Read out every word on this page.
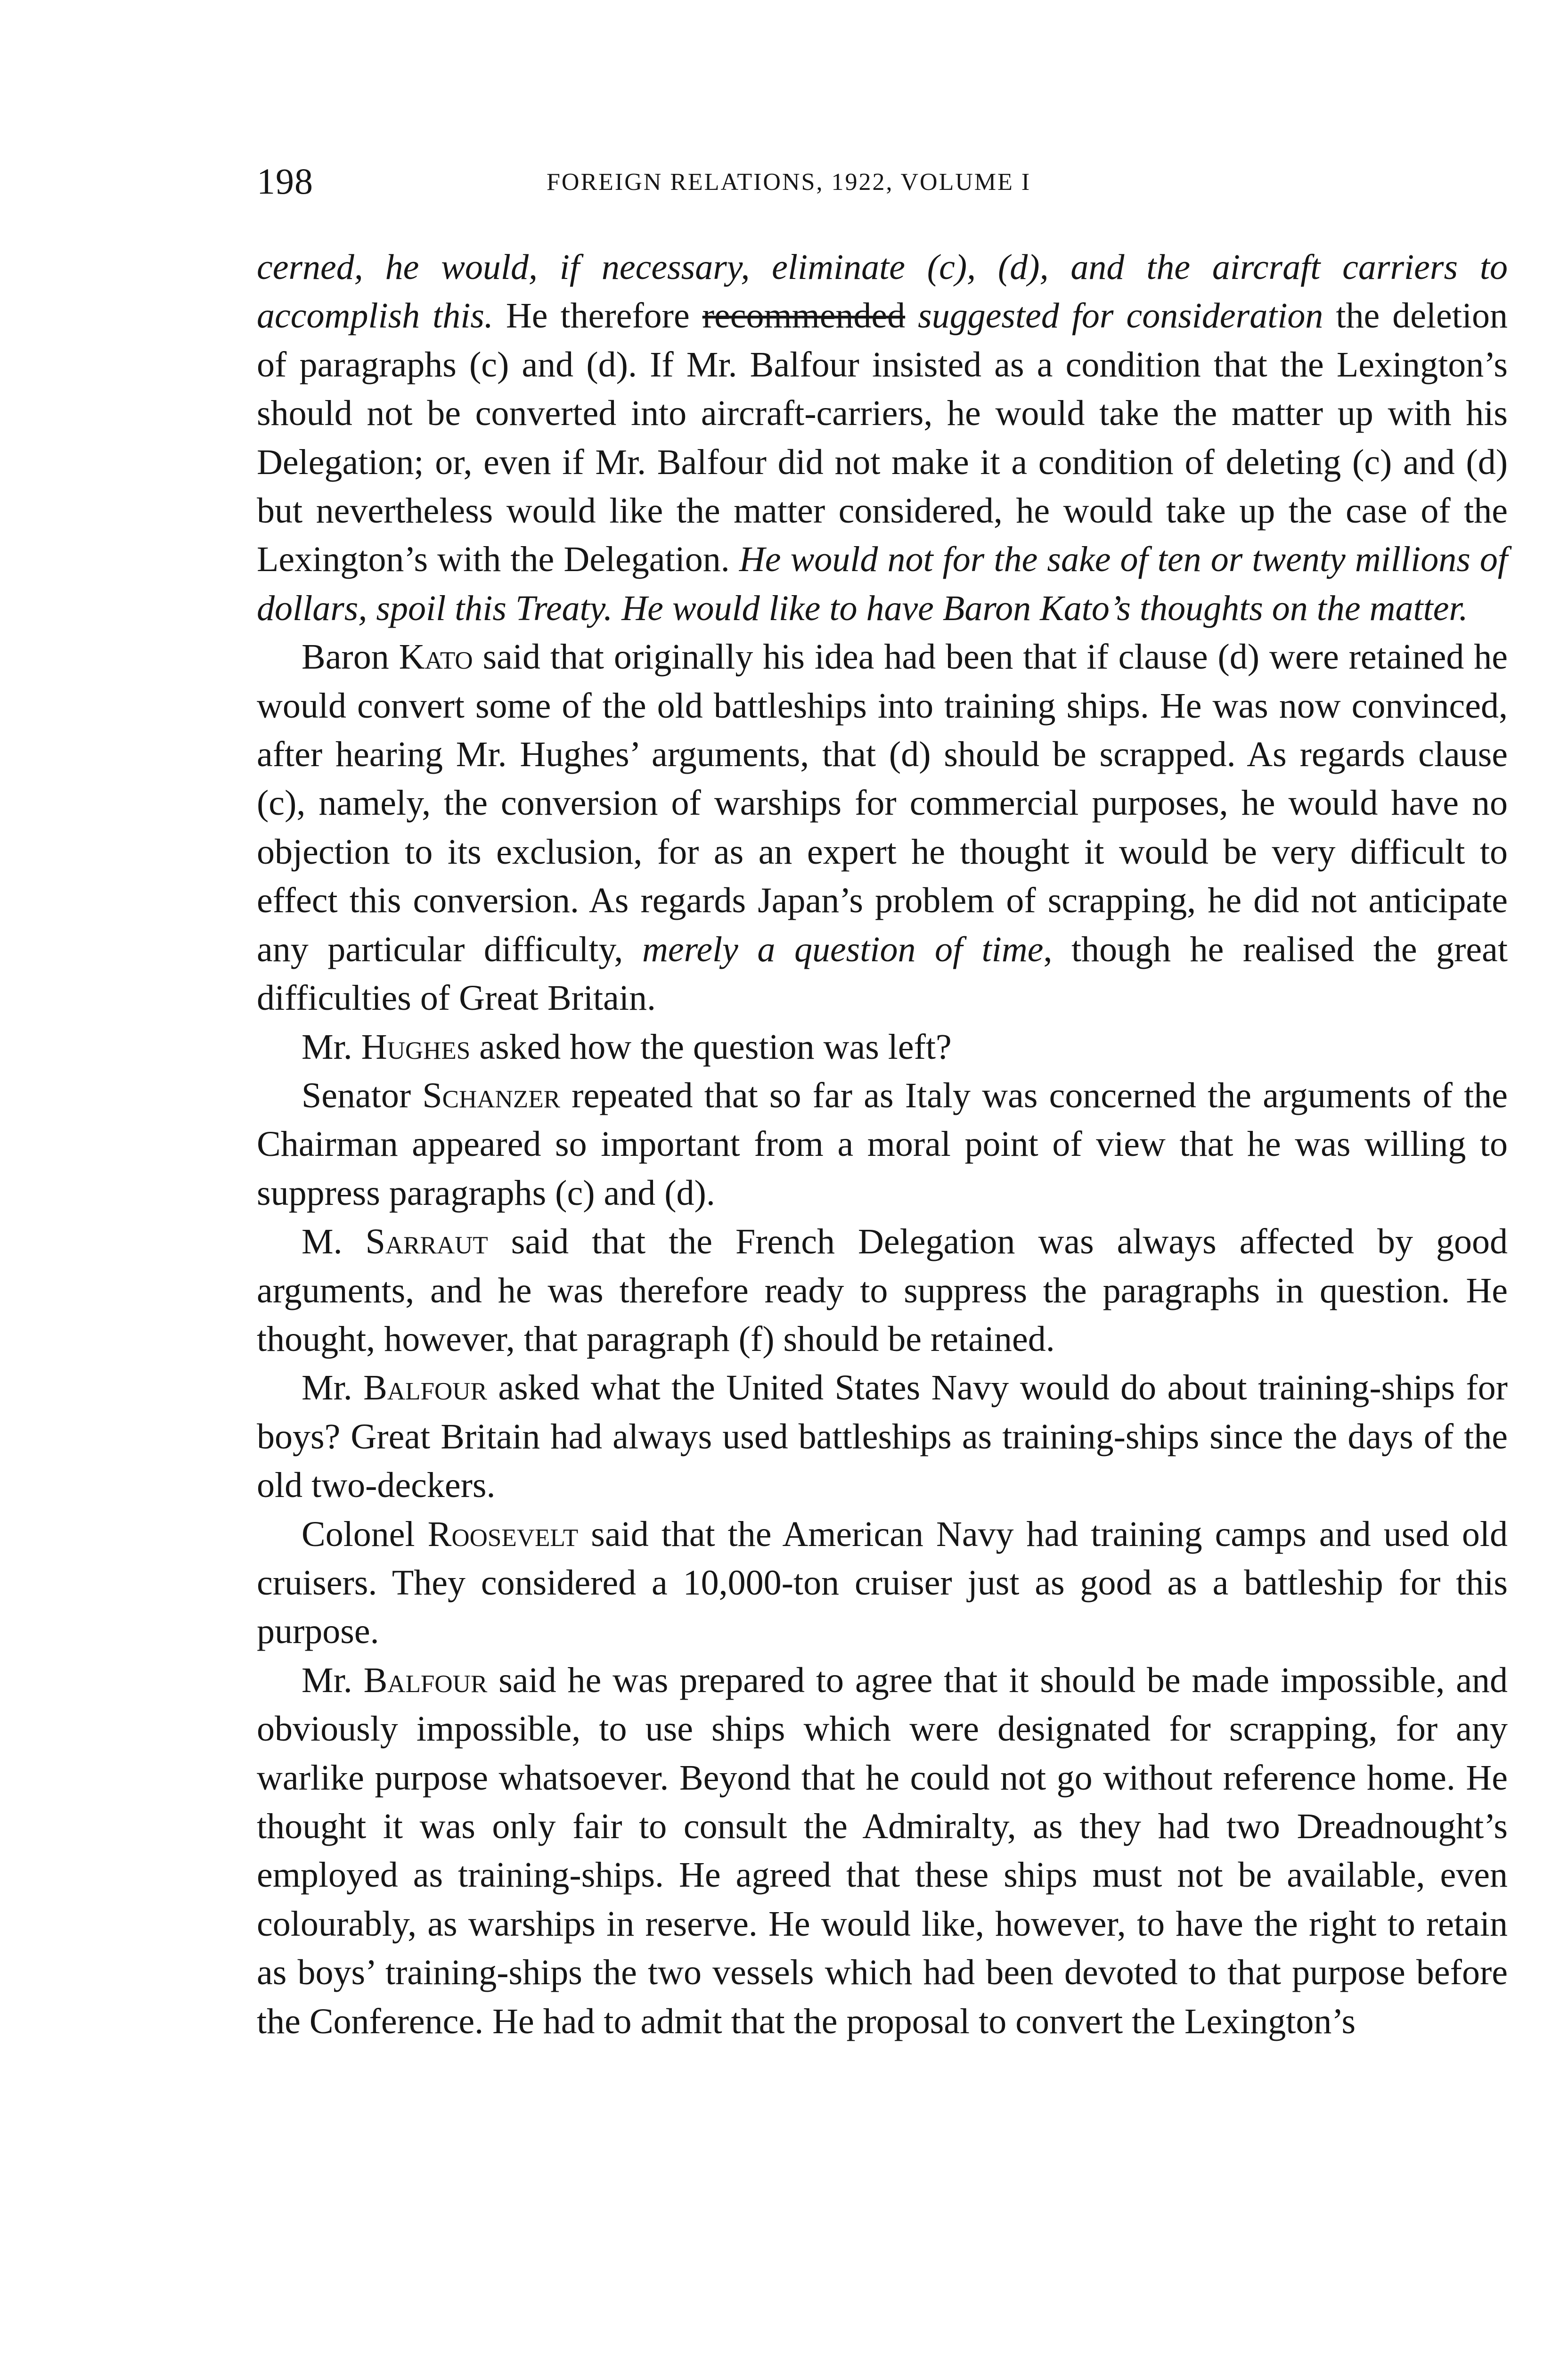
198	FOREIGN RELATIONS, 1922, VOLUME I

cerned, he would, if necessary, eliminate (c), (d), and the aircraft carriers to accomplish this. He therefore recommended suggested for consideration the deletion of paragraphs (c) and (d). If Mr. Balfour insisted as a condition that the Lexington’s should not be converted into aircraft-carriers, he would take the matter up with his Delegation; or, even if Mr. Balfour did not make it a condition of deleting (c) and (d) but nevertheless would like the matter considered, he would take up the case of the Lexington’s with the Delegation. He would not for the sake of ten or twenty millions of dollars, spoil this Treaty. He would like to have Baron Kato’s thoughts on the matter.

Baron Kato said that originally his idea had been that if clause (d) were retained he would convert some of the old battleships into training ships. He was now convinced, after hearing Mr. Hughes’ arguments, that (d) should be scrapped. As regards clause (c), namely, the conversion of warships for commercial purposes, he would have no objection to its exclusion, for as an expert he thought it would be very difficult to effect this conversion. As regards Japan’s problem of scrapping, he did not anticipate any particular difficulty, merely a question of time, though he realised the great difficulties of Great Britain.

Mr. Hughes asked how the question was left?

Senator Schanzer repeated that so far as Italy was concerned the arguments of the Chairman appeared so important from a moral point of view that he was willing to suppress paragraphs (c) and (d).

M. Sarraut said that the French Delegation was always affected by good arguments, and he was therefore ready to suppress the paragraphs in question. He thought, however, that paragraph (f) should be retained.

Mr. Balfour asked what the United States Navy would do about training-ships for boys? Great Britain had always used battleships as training-ships since the days of the old two-deckers.

Colonel Roosevelt said that the American Navy had training camps and used old cruisers. They considered a 10,000-ton cruiser just as good as a battleship for this purpose.

Mr. Balfour said he was prepared to agree that it should be made impossible, and obviously impossible, to use ships which were designated for scrapping, for any warlike purpose whatsoever. Beyond that he could not go without reference home. He thought it was only fair to consult the Admiralty, as they had two Dreadnought’s employed as training-ships. He agreed that these ships must not be available, even colourably, as warships in reserve. He would like, however, to have the right to retain as boys’ training-ships the two vessels which had been devoted to that purpose before the Conference. He had to admit that the proposal to convert the Lexington’s
